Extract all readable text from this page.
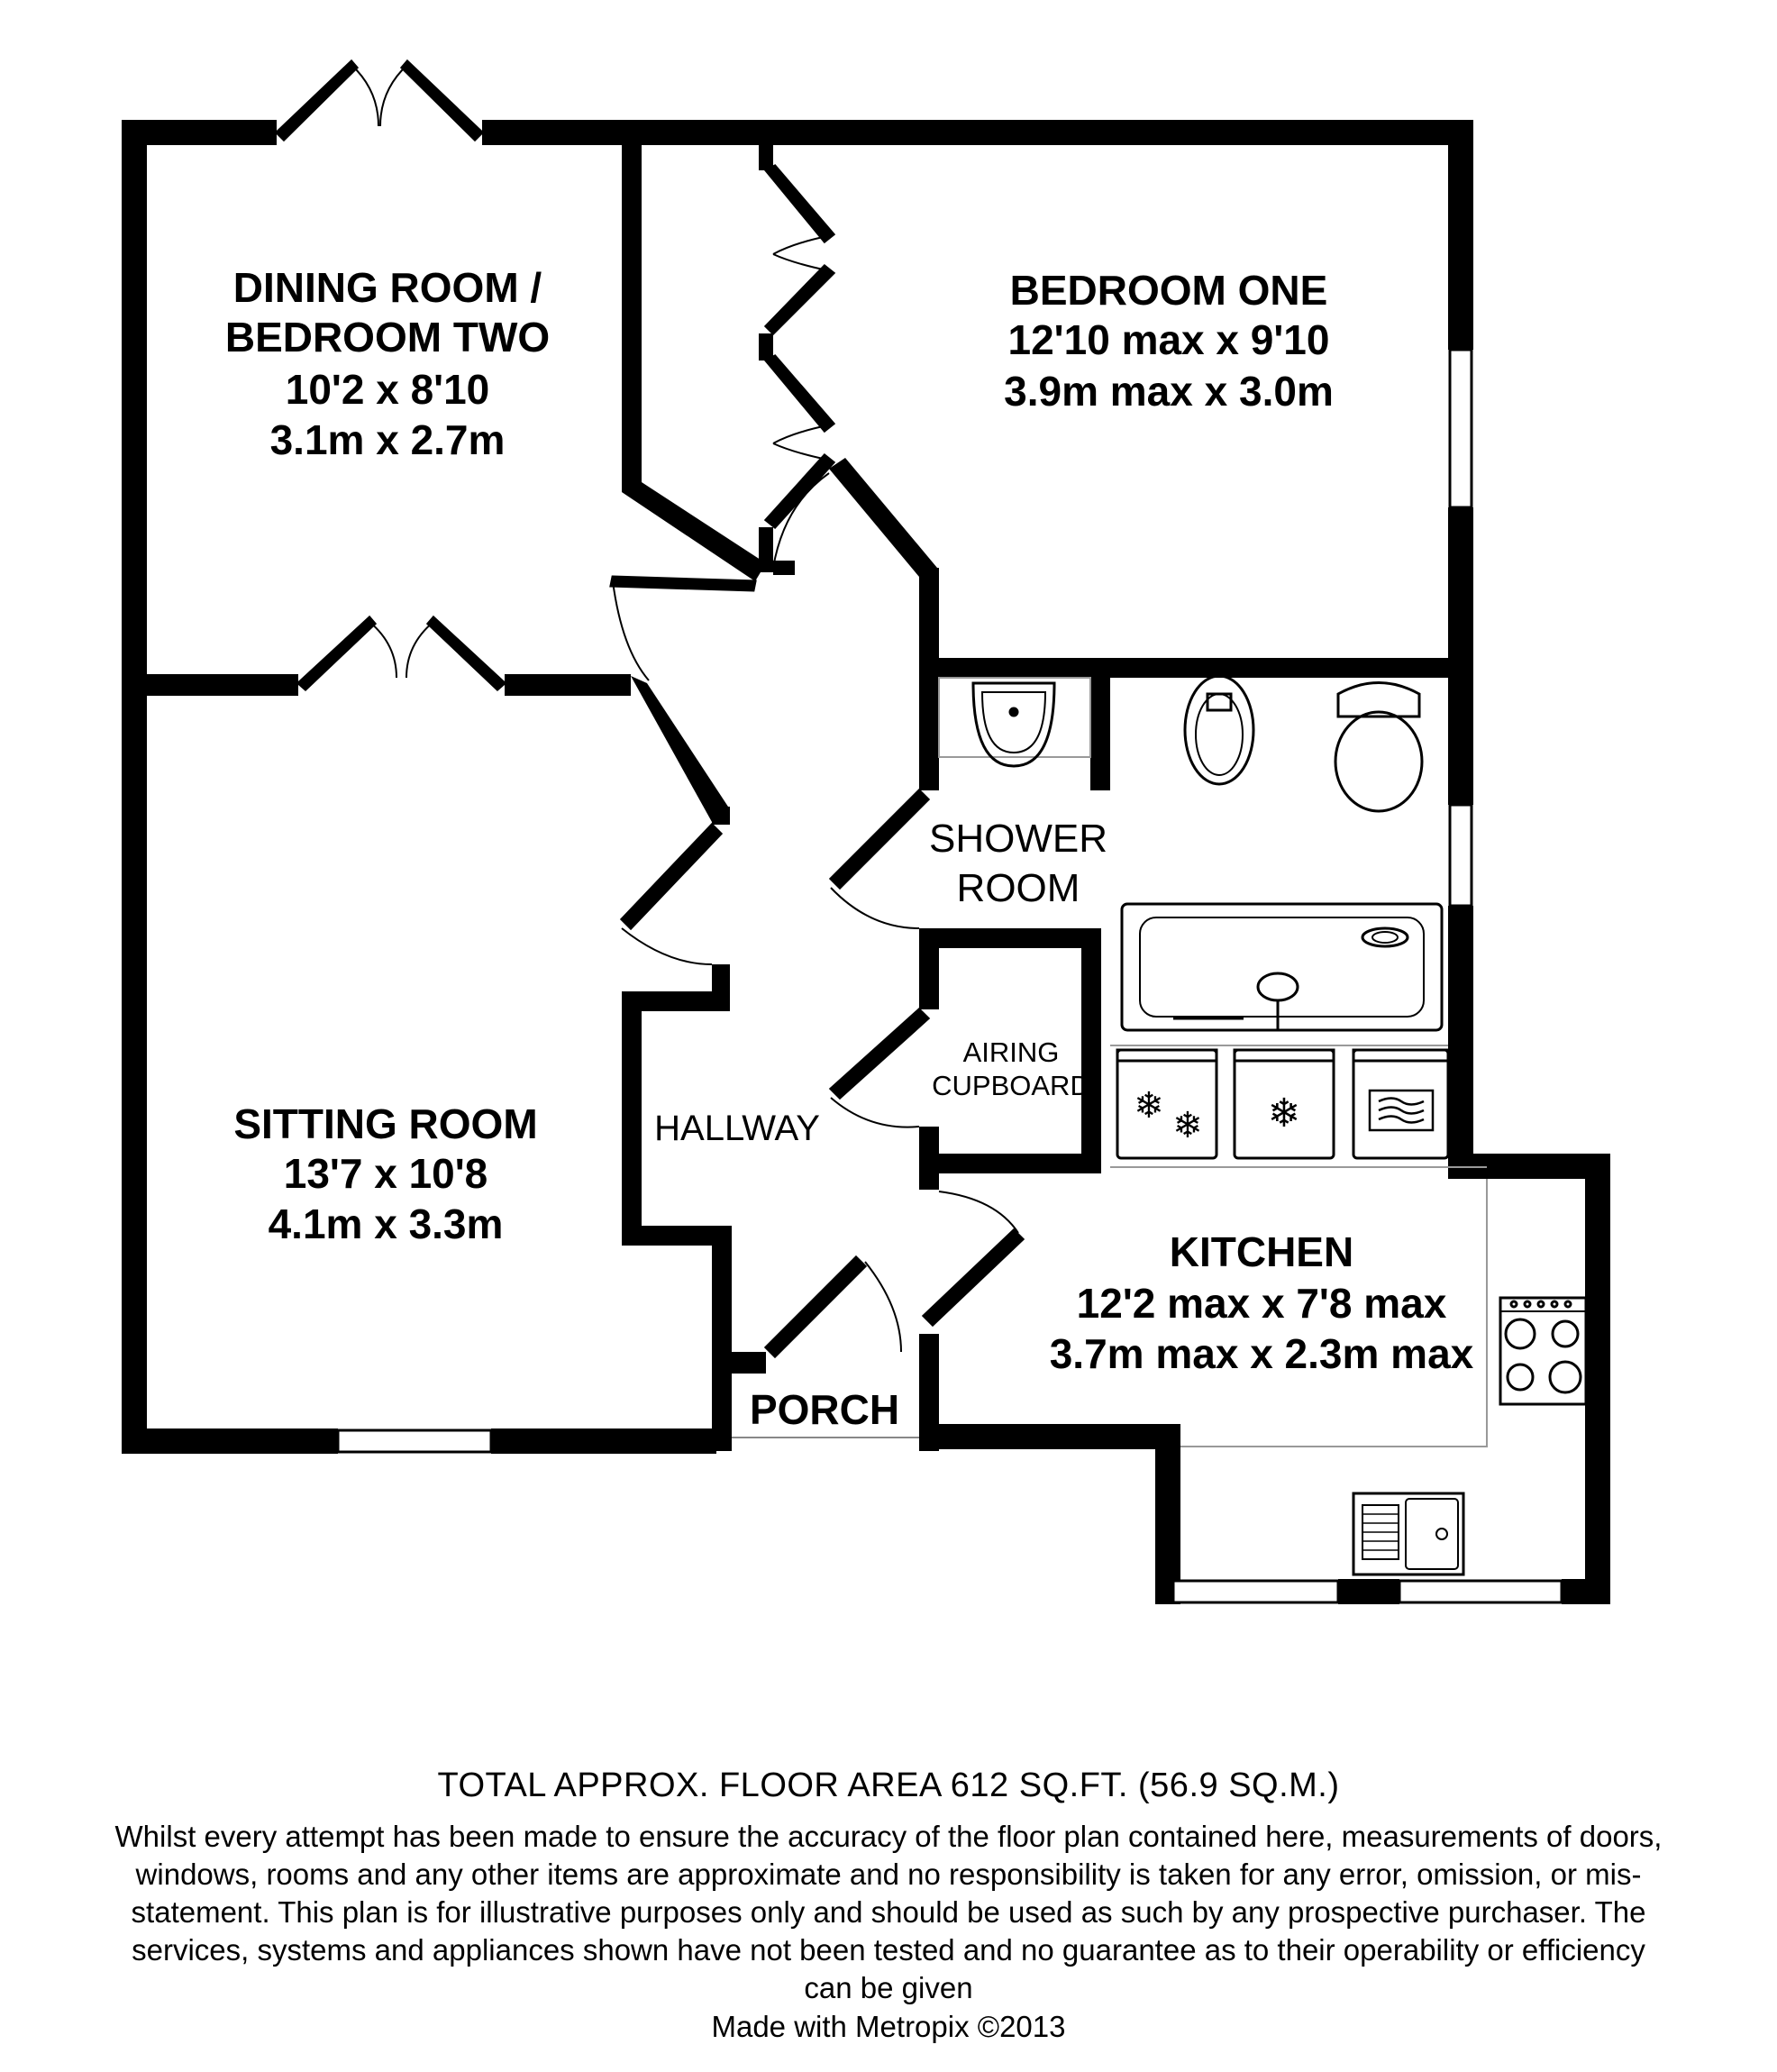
❄ ❄ ❄
DINING ROOM /
BEDROOM TWO
10'2 x 8'10
3.1m x 2.7m
BEDROOM ONE
12'10 max x 9'10
3.9m max x 3.0m
SHOWER
ROOM
AIRING
CUPBOARD
SITTING ROOM
13'7 x 10'8
4.1m x 3.3m
HALLWAY
KITCHEN
12'2 max x 7'8 max
3.7m max x 2.3m max
PORCH
TOTAL APPROX. FLOOR AREA 612 SQ.FT. (56.9 SQ.M.)
Whilst every attempt has been made to ensure the accuracy of the floor plan contained here, measurements of doors, windows, rooms and any other items are approximate and no responsibility is taken for any error, omission, or mis-statement. This plan is for illustrative purposes only and should be used as such by any prospective purchaser. The services, systems and appliances shown have not been tested and no guarantee as to their operability or efficiency can be given
Made with Metropix ©2013
